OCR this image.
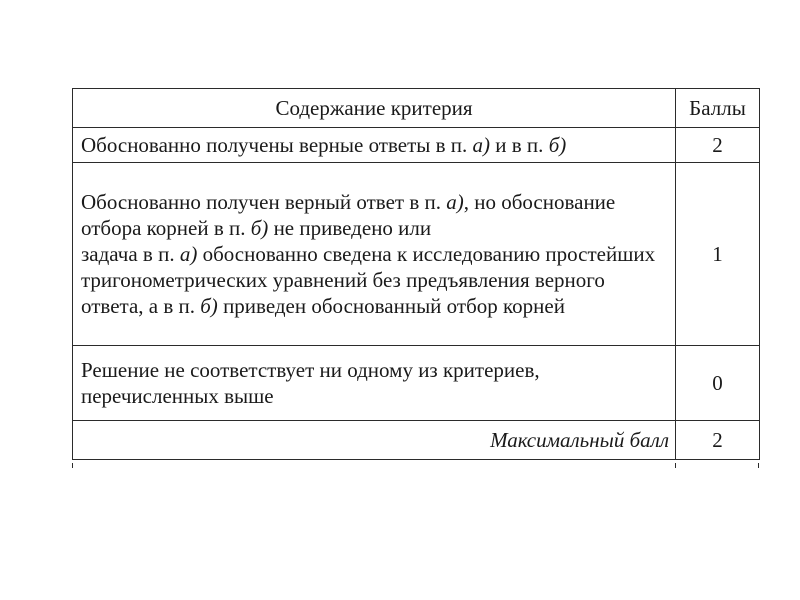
Содержание критерия	Баллы

Обоснованно получены верные ответы в п. а) и в п. б)	2

Обоснованно получен верный ответ в п. а), но обоснование
отбора корней в п. б) не приведено или
задача в п. а) обоснованно сведена к исследованию простейших
тригонометрических уравнений без предъявления верного
ответа, а в п. б) приведен обоснованный отбор корней	1

Решение не соответствует ни одному из критериев,
перечисленных выше	0
Максимальный балл	2
